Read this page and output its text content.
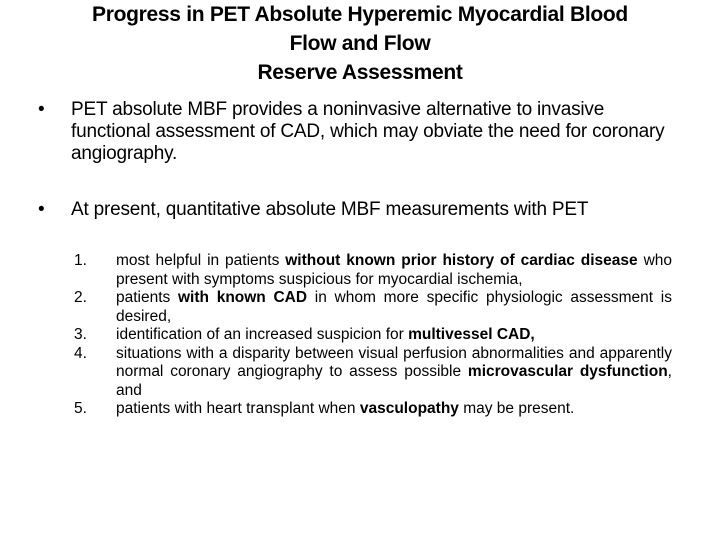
Progress in PET Absolute Hyperemic Myocardial Blood
Flow and Flow
Reserve Assessment
•	PET absolute MBF provides a noninvasive alternative to invasive functional assessment of CAD, which may obviate the need for coronary angiography.
•	At present, quantitative absolute MBF measurements with PET
1.	most helpful in patients without known prior history of cardiac disease who present with symptoms suspicious for myocardial ischemia,
2.	patients with known CAD in whom more specific physiologic assessment is desired,
3.	identification of an increased suspicion for multivessel CAD,
4.	situations with a disparity between visual perfusion abnormalities and apparently normal coronary angiography to assess possible microvascular dysfunction, and
5.	patients with heart transplant when vasculopathy may be present.
